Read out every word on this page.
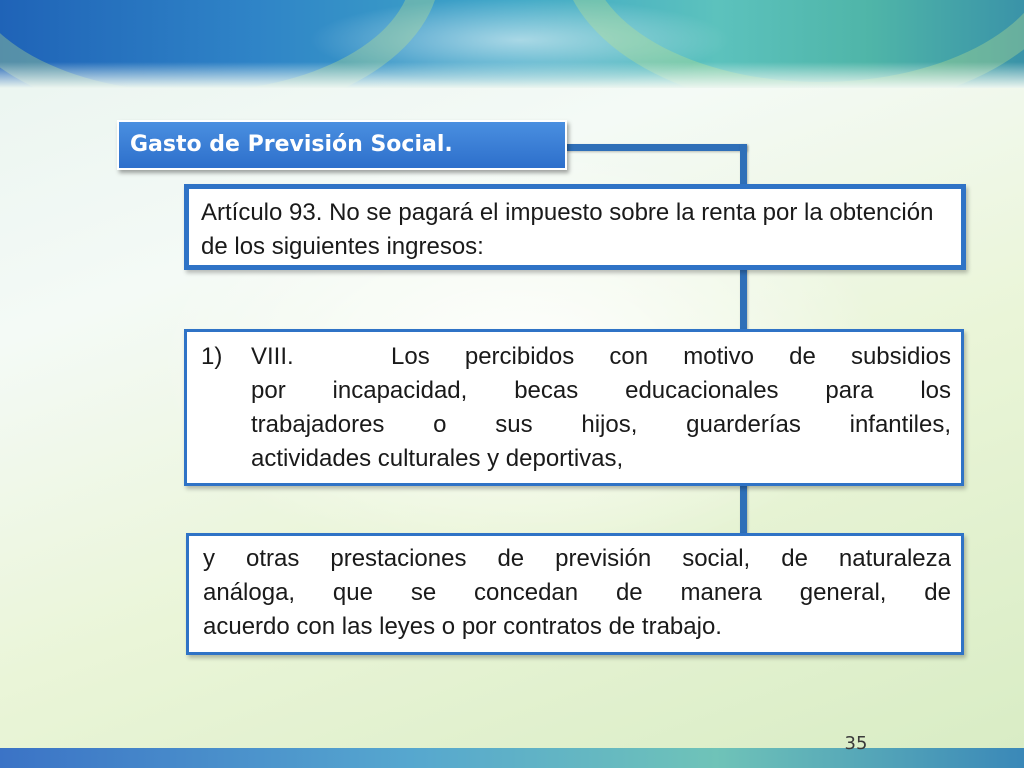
Gasto de Previsión Social.
Artículo 93. No se pagará el impuesto sobre la renta por la obtención de los siguientes ingresos:
1)	VIII.	Los percibidos con motivo de subsidios
por incapacidad, becas educacionales para los
trabajadores o sus hijos, guarderías infantiles,
actividades culturales y deportivas,
y otras prestaciones de previsión social, de naturaleza
análoga, que se concedan de manera general, de
acuerdo con las leyes o por contratos de trabajo.
35
